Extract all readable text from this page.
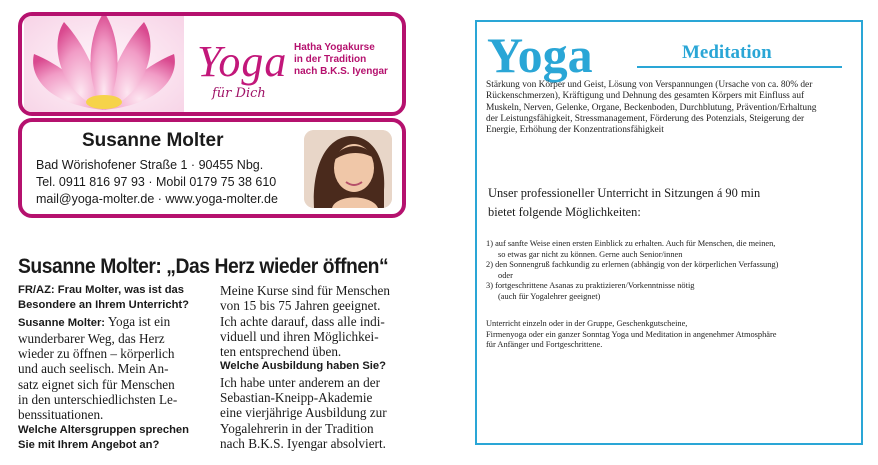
Yoga
für Dich
Hatha Yogakurse
in der Tradition
nach B.K.S. Iyengar
Susanne Molter
Bad Wörishofener Straße 1 · 90455 Nbg.
Tel. 0911 816 97 93 · Mobil 0179 75 38 610
mail@yoga-molter.de · www.yoga-molter.de
Susanne Molter: „Das Herz wieder öffnen“
FR/AZ: Frau Molter, was ist das
Besondere an Ihrem Unterricht?
Susanne Molter: Yoga ist ein
wunderbarer Weg, das Herz
wieder zu öffnen – körperlich
und auch seelisch. Mein An-
satz eignet sich für Menschen
in den unterschiedlichsten Le-
benssituationen.
Welche Altersgruppen sprechen
Sie mit Ihrem Angebot an?
Meine Kurse sind für Menschen
von 15 bis 75 Jahren geeignet.
Ich achte darauf, dass alle indi-
viduell und ihren Möglichkei-
ten entsprechend üben.
Welche Ausbildung haben Sie?
Ich habe unter anderem an der
Sebastian-Kneipp-Akademie
eine vierjährige Ausbildung zur
Yogalehrerin in der Tradition
nach B.K.S. Iyengar absolviert.
Yoga	Meditation
Stärkung von Körper und Geist, Lösung von Verspannungen (Ursache von ca. 80% der
Rückenschmerzen), Kräftigung und Dehnung des gesamten Körpers mit Einfluss auf
Muskeln, Nerven, Gelenke, Organe, Beckenboden, Durchblutung, Prävention/Erhaltung
der Leistungsfähigkeit, Stressmanagement, Förderung des Potenzials, Steigerung der
Energie, Erhöhung der Konzentrationsfähigkeit
Unser professioneller Unterricht in Sitzungen á 90 min
bietet folgende Möglichkeiten:
1) auf sanfte Weise einen ersten Einblick zu erhalten. Auch für Menschen, die meinen,
so etwas gar nicht zu können. Gerne auch Senior/innen
2) den Sonnengruß fachkundig zu erlernen (abhängig von der körperlichen Verfassung)
oder
3) fortgeschrittene Asanas zu praktizieren/Vorkenntnisse nötig
(auch für Yogalehrer geeignet)
Unterricht einzeln oder in der Gruppe, Geschenkgutscheine,
Firmenyoga oder ein ganzer Sonntag Yoga und Meditation in angenehmer Atmosphäre
für Anfänger und Fortgeschrittene.
